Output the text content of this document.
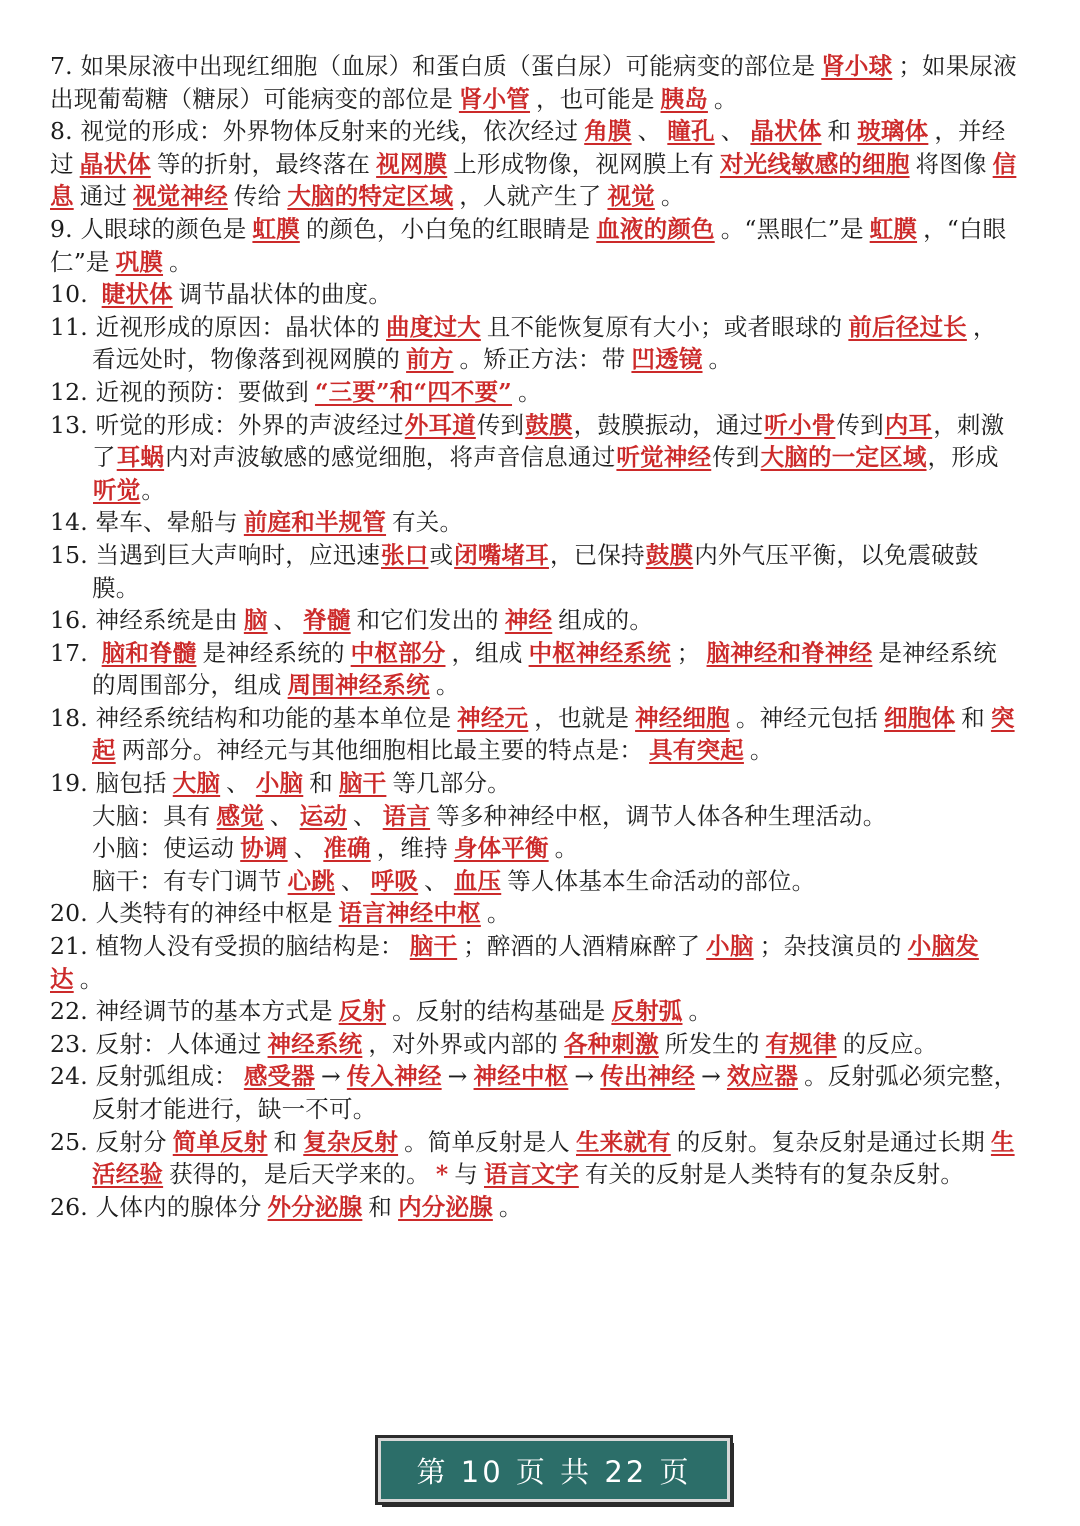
7. 如果尿液中出现红细胞（血尿）和蛋白质（蛋白尿）可能病变的部位是 肾小球 ；如果尿液出现葡萄糖（糖尿）可能病变的部位是 肾小管 ，也可能是 胰岛 。
8. 视觉的形成：外界物体反射来的光线，依次经过 角膜 、 瞳孔 、 晶状体 和 玻璃体 ，并经过 晶状体 等的折射，最终落在 视网膜 上形成物像，视网膜上有 对光线敏感的细胞 将图像 信息 通过 视觉神经 传给 大脑的特定区域 ，人就产生了 视觉 。
9. 人眼球的颜色是 虹膜 的颜色，小白兔的红眼睛是 血液的颜色 。“黑眼仁”是 虹膜 ，“白眼仁”是 巩膜 。
10. 睫状体 调节晶状体的曲度。
11. 近视形成的原因：晶状体的 曲度过大 且不能恢复原有大小；或者眼球的 前后径过长 ，看远处时，物像落到视网膜的 前方 。矫正方法：带 凹透镜 。
12. 近视的预防：要做到 “三要”和“四不要” 。
13. 听觉的形成：外界的声波经过外耳道传到鼓膜，鼓膜振动，通过听小骨传到内耳，刺激了耳蜗内对声波敏感的感觉细胞，将声音信息通过听觉神经传到大脑的一定区域，形成听觉。
14. 晕车、晕船与 前庭和半规管 有关。
15. 当遇到巨大声响时，应迅速张口或闭嘴堵耳，已保持鼓膜内外气压平衡，以免震破鼓膜。
16. 神经系统是由 脑 、 脊髓 和它们发出的 神经 组成的。
17. 脑和脊髓 是神经系统的 中枢部分 ，组成 中枢神经系统 ； 脑神经和脊神经 是神经系统的周围部分，组成 周围神经系统 。
18. 神经系统结构和功能的基本单位是 神经元 ，也就是 神经细胞 。神经元包括 细胞体 和 突起 两部分。神经元与其他细胞相比最主要的特点是： 具有突起 。
19. 脑包括 大脑 、 小脑 和 脑干 等几部分。
大脑：具有 感觉 、 运动 、 语言 等多种神经中枢，调节人体各种生理活动。
小脑：使运动 协调 、 准确 ，维持 身体平衡 。
脑干：有专门调节 心跳 、 呼吸 、 血压 等人体基本生命活动的部位。
20. 人类特有的神经中枢是 语言神经中枢 。
21. 植物人没有受损的脑结构是： 脑干 ；醉酒的人酒精麻醉了 小脑 ；杂技演员的 小脑发达 。
22. 神经调节的基本方式是 反射 。反射的结构基础是 反射弧 。
23. 反射：人体通过 神经系统 ，对外界或内部的 各种刺激 所发生的 有规律 的反应。
24. 反射弧组成： 感受器 → 传入神经 → 神经中枢 → 传出神经 → 效应器 。反射弧必须完整，反射才能进行，缺一不可。
25. 反射分 简单反射 和 复杂反射 。简单反射是人 生来就有 的反射。复杂反射是通过长期 生活经验 获得的，是后天学来的。 * 与 语言文字 有关的反射是人类特有的复杂反射。
26. 人体内的腺体分 外分泌腺 和 内分泌腺 。
第 10 页 共 22 页
